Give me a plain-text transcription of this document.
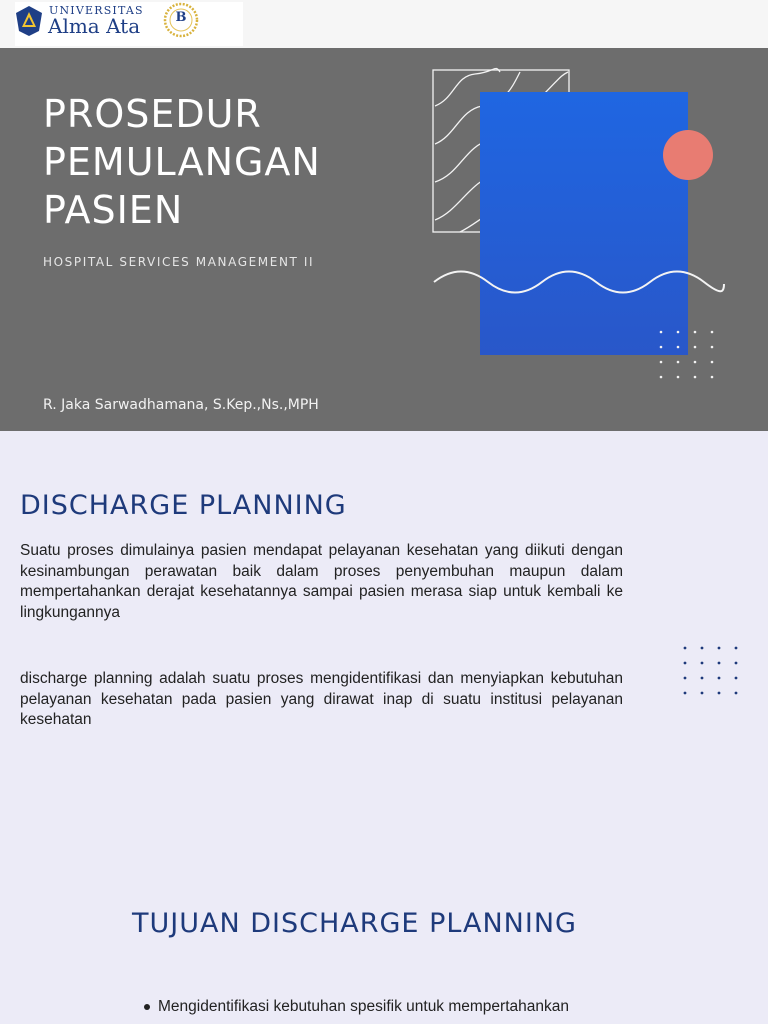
UNIVERSITAS
Alma Ata	B
PROSEDUR
PEMULANGAN
PASIEN
HOSPITAL SERVICES MANAGEMENT II
R. Jaka Sarwadhamana, S.Kep.,Ns.,MPH
DISCHARGE PLANNING

Suatu proses dimulainya pasien mendapat pelayanan kesehatan yang diikuti dengan kesinambungan perawatan baik dalam proses penyembuhan maupun dalam mempertahankan derajat kesehatannya sampai pasien merasa siap untuk kembali ke lingkungannya

discharge planning adalah suatu proses mengidentifikasi dan menyiapkan kebutuhan pelayanan kesehatan pada pasien yang dirawat inap di suatu institusi pelayanan kesehatan

TUJUAN DISCHARGE PLANNING
Mengidentifikasi kebutuhan spesifik untuk mempertahankan
